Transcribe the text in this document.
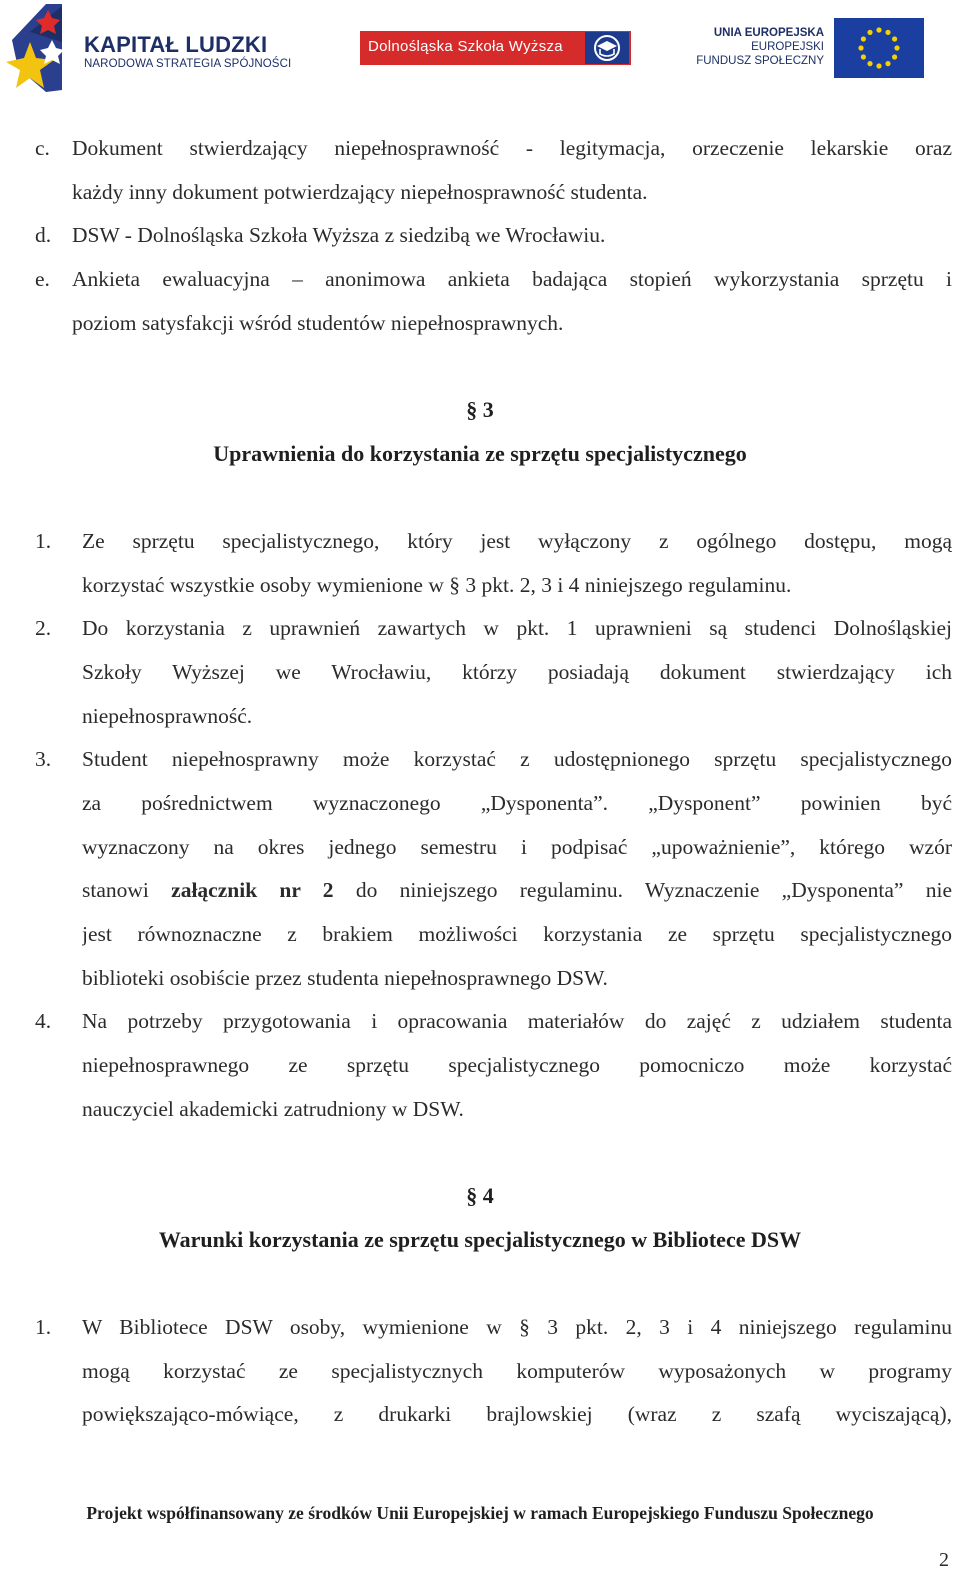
KAPITAŁ LUDZKI
NARODOWA STRATEGIA SPÓJNOŚCI
Dolnośląska Szkoła Wyższa
UNIA EUROPEJSKA
EUROPEJSKI
FUNDUSZ SPOŁECZNY
c. Dokument stwierdzający niepełnosprawność - legitymacja, orzeczenie lekarskie oraz
każdy inny dokument potwierdzający niepełnosprawność studenta.
d. DSW - Dolnośląska Szkoła Wyższa z siedzibą we Wrocławiu.
e. Ankieta ewaluacyjna – anonimowa ankieta badająca stopień wykorzystania sprzętu i
poziom satysfakcji wśród studentów niepełnosprawnych.
§ 3
Uprawnienia do korzystania ze sprzętu specjalistycznego
1. Ze sprzętu specjalistycznego, który jest wyłączony z ogólnego dostępu, mogą
korzystać wszystkie osoby wymienione w § 3 pkt. 2, 3 i 4 niniejszego regulaminu.
2. Do korzystania z uprawnień zawartych w pkt. 1 uprawnieni są studenci Dolnośląskiej
Szkoły Wyższej we Wrocławiu, którzy posiadają dokument stwierdzający ich
niepełnosprawność.
3. Student niepełnosprawny może korzystać z udostępnionego sprzętu specjalistycznego
za pośrednictwem wyznaczonego „Dysponenta”. „Dysponent” powinien być
wyznaczony na okres jednego semestru i podpisać „upoważnienie”, którego wzór
stanowi załącznik nr 2 do niniejszego regulaminu. Wyznaczenie „Dysponenta” nie
jest równoznaczne z brakiem możliwości korzystania ze sprzętu specjalistycznego
biblioteki osobiście przez studenta niepełnosprawnego DSW.
4. Na potrzeby przygotowania i opracowania materiałów do zajęć z udziałem studenta
niepełnosprawnego ze sprzętu specjalistycznego pomocniczo może korzystać
nauczyciel akademicki zatrudniony w DSW.
§ 4
Warunki korzystania ze sprzętu specjalistycznego w Bibliotece DSW
1. W Bibliotece DSW osoby, wymienione w § 3 pkt. 2, 3 i 4 niniejszego regulaminu
mogą korzystać ze specjalistycznych komputerów wyposażonych w programy
powiększająco-mówiące, z drukarki brajlowskiej (wraz z szafą wyciszającą),
Projekt współfinansowany ze środków Unii Europejskiej w ramach Europejskiego Funduszu Społecznego
2
